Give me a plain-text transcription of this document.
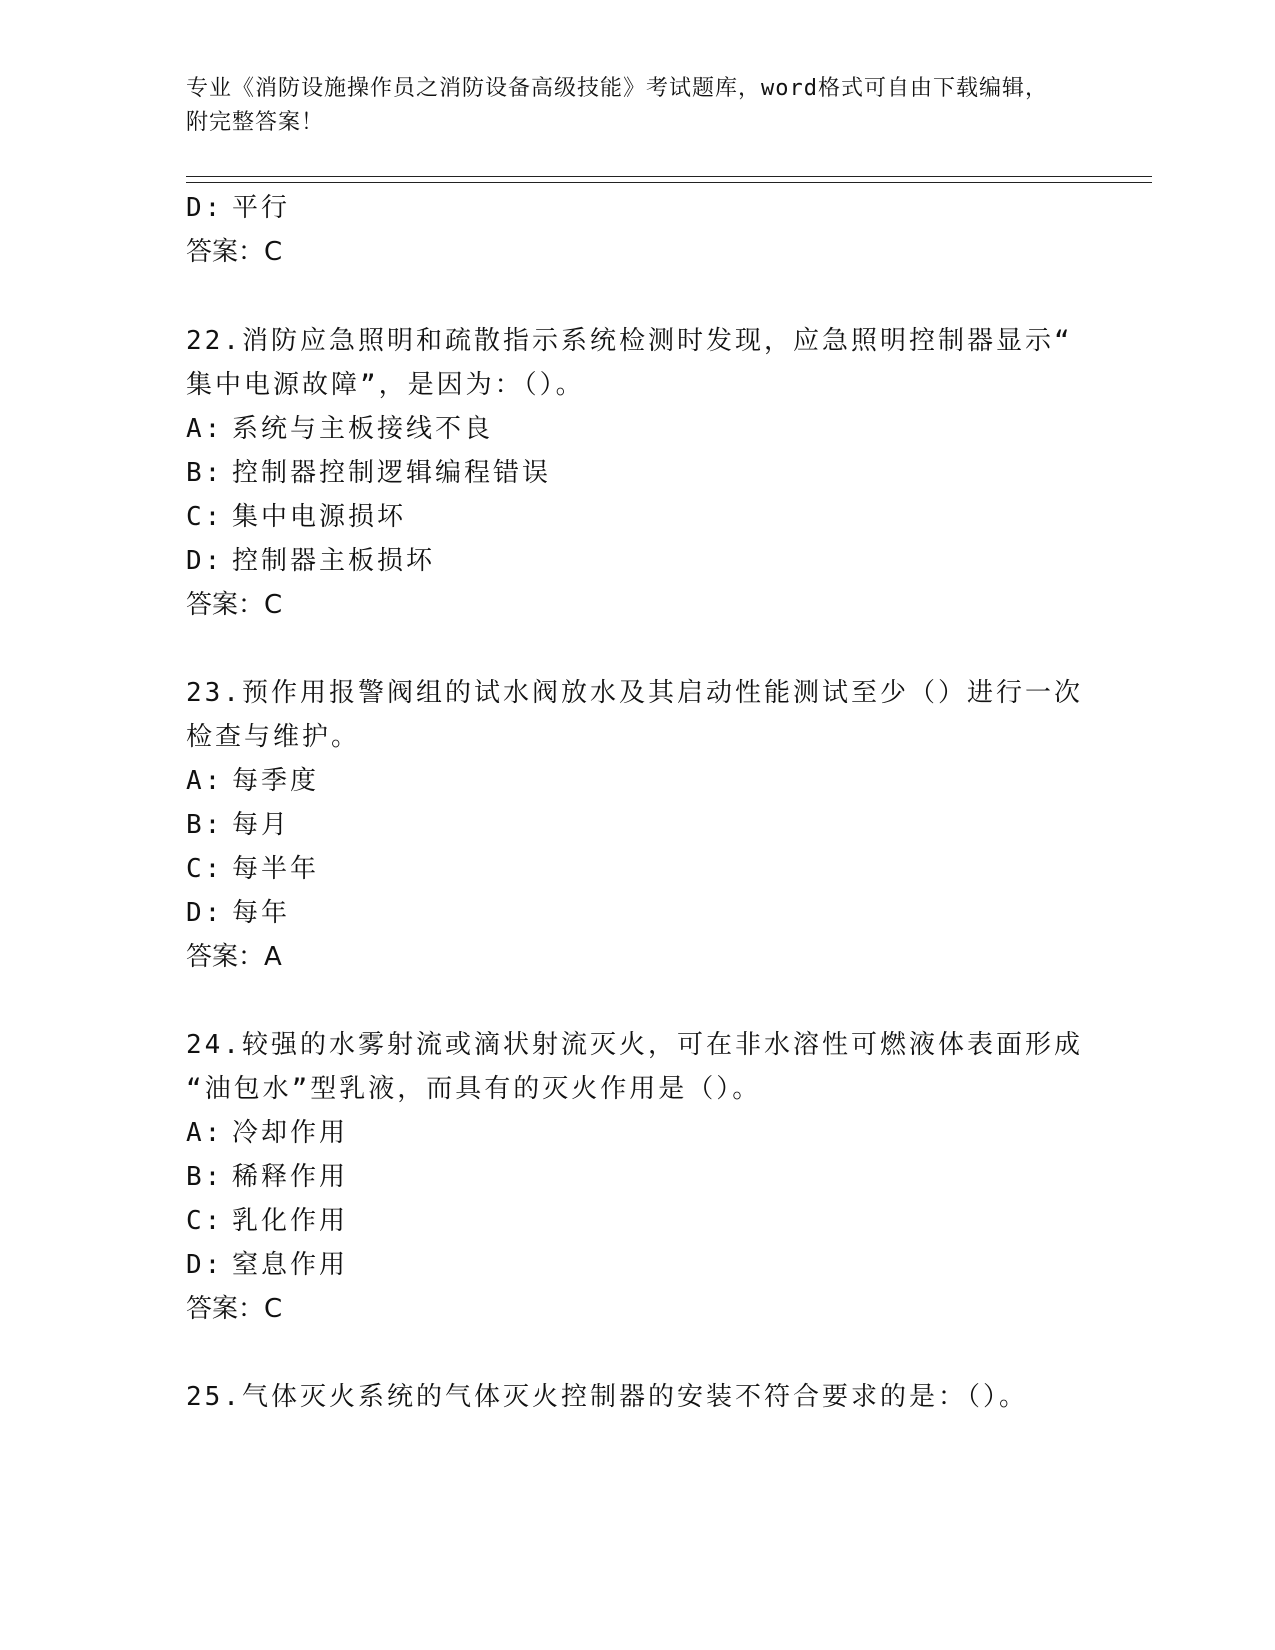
专业《消防设施操作员之消防设备高级技能》考试题库，word格式可自由下载编辑，附完整答案！
D: 平行
答案：C
22.消防应急照明和疏散指示系统检测时发现，应急照明控制器显示“
集中电源故障”，是因为：（）。
A: 系统与主板接线不良
B: 控制器控制逻辑编程错误
C: 集中电源损坏
D: 控制器主板损坏
答案：C
23.预作用报警阀组的试水阀放水及其启动性能测试至少（）进行一次
检查与维护。
A: 每季度
B: 每月
C: 每半年
D: 每年
答案：A
24.较强的水雾射流或滴状射流灭火，可在非水溶性可燃液体表面形成
“油包水”型乳液，而具有的灭火作用是（）。
A: 冷却作用
B: 稀释作用
C: 乳化作用
D: 窒息作用
答案：C
25.气体灭火系统的气体灭火控制器的安装不符合要求的是：（）。
